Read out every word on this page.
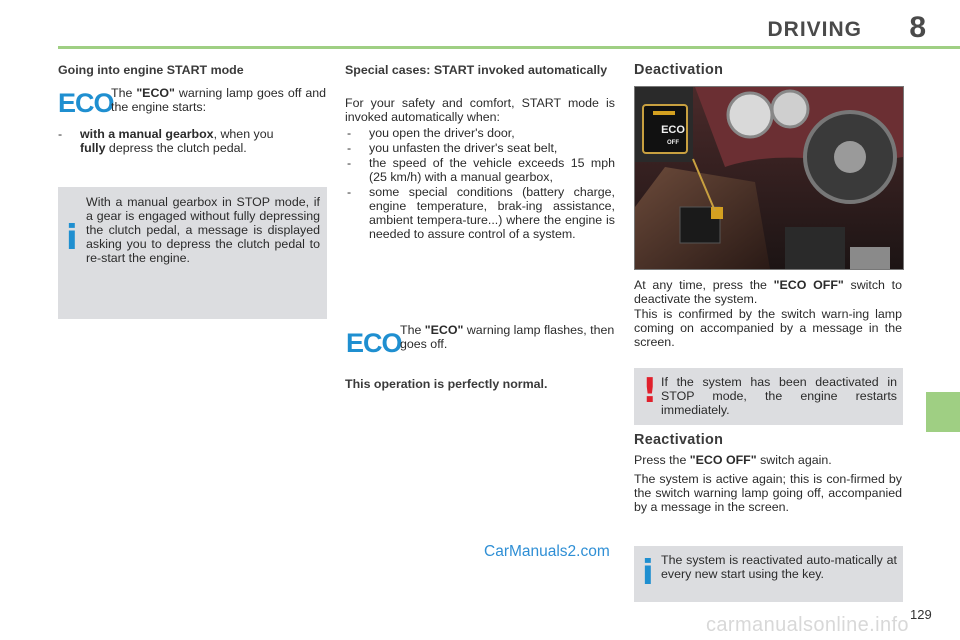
DRIVING 8
Going into engine START mode
ECO

The "ECO" warning lamp goes off and the engine starts:

- with a manual gearbox, when you
fully depress the clutch pedal.
i

With a manual gearbox in STOP mode, if a gear is engaged without fully depressing the clutch pedal, a message is displayed asking you to depress the clutch pedal to re-start the engine.

Special cases: START invoked automatically

For your safety and comfort, START mode is invoked automatically when:

- you open the driver's door,
- you unfasten the driver's seat belt,
- the speed of the vehicle exceeds 15 mph (25 km/h) with a manual gearbox,
- some special conditions (battery charge, engine temperature, brak-ing assistance, ambient tempera-ture...) where the engine is needed to assure control of a system.
ECO

The "ECO" warning lamp flashes, then goes off.

This operation is perfectly normal.
Deactivation
ECO
OFF

At any time, press the "ECO OFF" switch to deactivate the system.

This is confirmed by the switch warn-ing lamp coming on accompanied by a message in the screen.

! If the system has been deactivated in STOP mode, the engine restarts immediately.

Reactivation

Press the "ECO OFF" switch again.

The system is active again; this is con-firmed by the switch warning lamp going off, accompanied by a message in the screen.

i The system is reactivated auto-matically at every new start using the key.

129
CarManuals2.com
carmanualsonline.info
